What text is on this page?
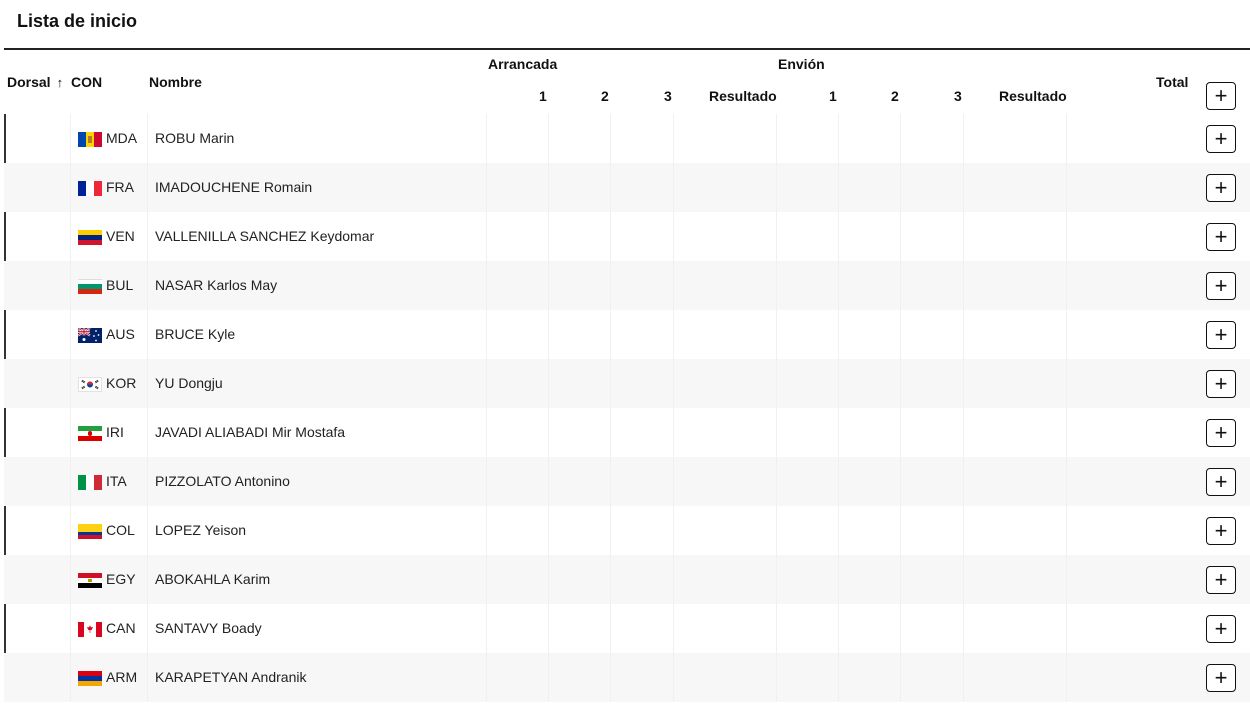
Lista de inicio
Dorsal ↑ CON	Nombre
Arrancada
1	2	3	Resultado
Envión
1	2	3	Resultado
Total
+
MDA ROBU Marin	+
FRA IMADOUCHENE Romain	+
VEN VALLENILLA SANCHEZ Keydomar	+
BUL NASAR Karlos May	+
AUS BRUCE Kyle	+
KOR YU Dongju	+
IRI JAVADI ALIABADI Mir Mostafa	+
ITA PIZZOLATO Antonino	+
COL LOPEZ Yeison	+
EGY ABOKAHLA Karim	+
CAN SANTAVY Boady	+
ARM KARAPETYAN Andranik	+
